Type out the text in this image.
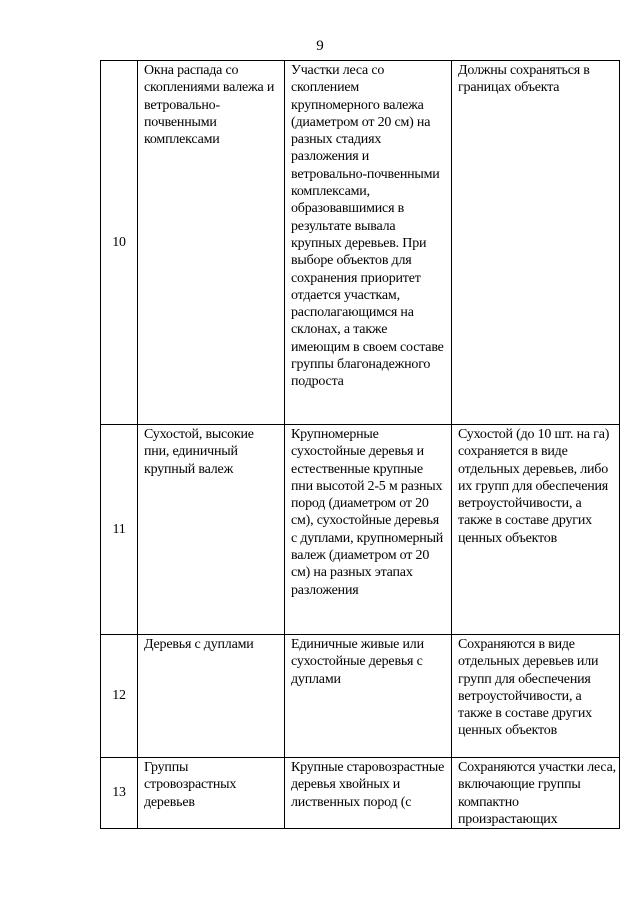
9
10	Окна распада со скоплениями валежа и ветровально-почвенными комплексами	Участки леса со скоплением крупномерного валежа (диаметром от 20 см) на разных стадиях разложения и ветровально-почвенными комплексами, образовавшимися в результате вывала крупных деревьев. При выборе объектов для сохранения приоритет отдается участкам, располагающимся на склонах, а также имеющим в своем составе группы благонадежного подроста	Должны сохраняться в границах объекта
11	Сухостой, высокие пни, единичный крупный валеж	Крупномерные сухостойные деревья и естественные крупные пни высотой 2-5 м разных пород (диаметром от 20 см), сухостойные деревья с дуплами, крупномерный валеж (диаметром от 20 см) на разных этапах разложения	Сухостой (до 10 шт. на га) сохраняется в виде отдельных деревьев, либо их групп для обеспечения ветроустойчивости, а также в составе других ценных объектов
12	Деревья с дуплами	Единичные живые или сухостойные деревья с дуплами	Сохраняются в виде отдельных деревьев или групп для обеспечения ветроустойчивости, а также в составе других ценных объектов
13	Группы стровозрастных деревьев	Крупные старовозрастные деревья хвойных и лиственных пород (с	Сохраняются участки леса, включающие группы компактно произрастающих
